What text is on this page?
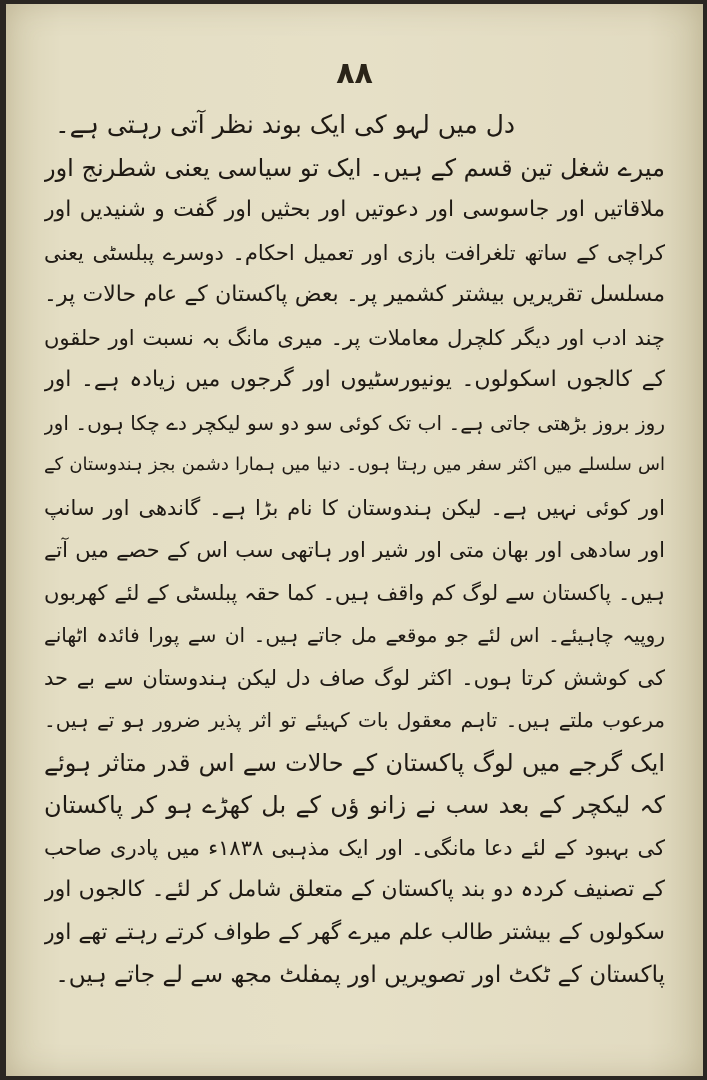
۸۸
دل میں لہو کی ایک بوند نظر آتی رہتی ہے۔
میرے شغل تین قسم کے ہیں۔ ایک تو سیاسی یعنی شطرنج اور
ملاقاتیں اور جاسوسی اور دعوتیں اور بحثیں اور گفت و شنیدیں اور
کراچی کے ساتھ تلغرافت بازی اور تعمیل احکام۔ دوسرے پبلسٹی یعنی
مسلسل تقریریں بیشتر کشمیر پر۔ بعض پاکستان کے عام حالات پر۔
چند ادب اور دیگر کلچرل معاملات پر۔ میری مانگ بہ نسبت اور حلقوں
کے کالجوں اسکولوں۔ یونیورسٹیوں اور گرجوں میں زیادہ ہے۔ اور
روز بروز بڑھتی جاتی ہے۔ اب تک کوئی سو دو سو لیکچر دے چکا ہوں۔ اور
اس سلسلے میں اکثر سفر میں رہتا ہوں۔ دنیا میں ہمارا دشمن بجز ہندوستان کے
اور کوئی نہیں ہے۔ لیکن ہندوستان کا نام بڑا ہے۔ گاندھی اور سانپ
اور سادھی اور بھان متی اور شیر اور ہاتھی سب اس کے حصے میں آتے
ہیں۔ پاکستان سے لوگ کم واقف ہیں۔ کما حقہ پبلسٹی کے لئے کھربوں
روپیہ چاہیئے۔ اس لئے جو موقعے مل جاتے ہیں۔ ان سے پورا فائدہ اٹھانے
کی کوشش کرتا ہوں۔ اکثر لوگ صاف دل لیکن ہندوستان سے بے حد
مرعوب ملتے ہیں۔ تاہم معقول بات کہیئے تو اثر پذیر ضرور ہو تے ہیں۔
ایک گرجے میں لوگ پاکستان کے حالات سے اس قدر متاثر ہوئے
کہ لیکچر کے بعد سب نے زانو ؤں کے بل کھڑے ہو کر پاکستان
کی بہبود کے لئے دعا مانگی۔ اور ایک مذہبی ۱۸۳۸ء میں پادری صاحب
کے تصنیف کردہ دو بند پاکستان کے متعلق شامل کر لئے۔ کالجوں اور
سکولوں کے بیشتر طالب علم میرے گھر کے طواف کرتے رہتے تھے اور
پاکستان کے ٹکٹ اور تصویریں اور پمفلٹ مجھ سے لے جاتے ہیں۔
